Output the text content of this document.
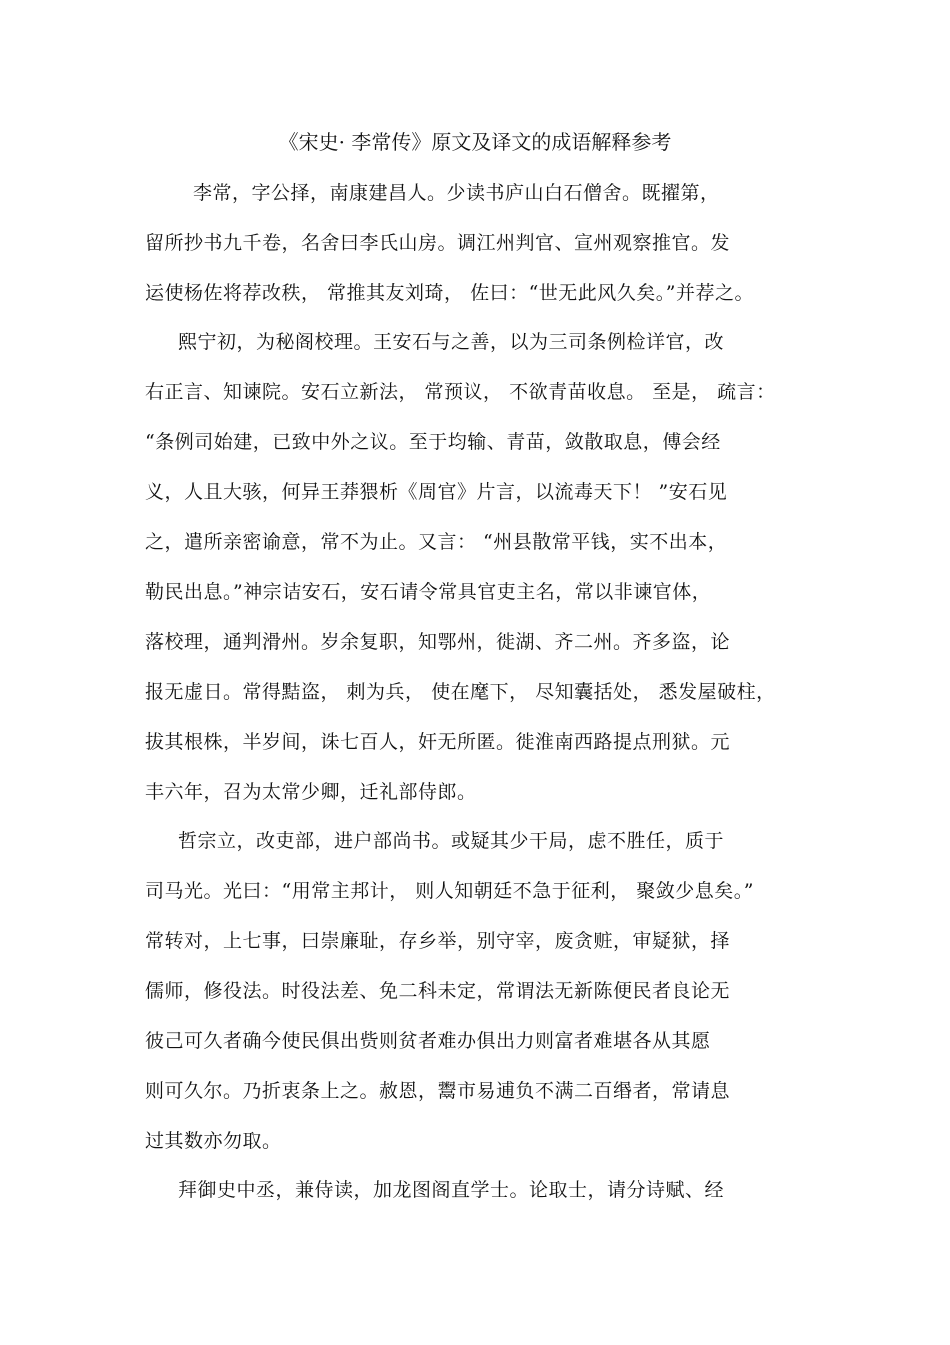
《宋史· 李常传》原文及译文的成语解释参考
李常，字公择，南康建昌人。少读书庐山白石僧舍。既擢第，
留所抄书九千卷，名舍曰李氏山房。调江州判官、宣州观察推官。发
运使杨佐将荐改秩， 常推其友刘琦， 佐曰：“世无此风久矣。”并荐之。
熙宁初，为秘阁校理。王安石与之善，以为三司条例检详官，改
右正言、知谏院。安石立新法， 常预议， 不欲青苗收息。 至是， 疏言：
“条例司始建，已致中外之议。至于均输、青苗，敛散取息，傅会经
义，人且大骇，何异王莽猥析《周官》片言，以流毒天下！ ”安石见
之，遣所亲密谕意，常不为止。又言： “州县散常平钱，实不出本，
勒民出息。”神宗诘安石，安石请令常具官吏主名，常以非谏官体，
落校理，通判滑州。岁余复职，知鄂州，徙湖、齐二州。齐多盗，论
报无虚日。常得黠盗， 刺为兵， 使在麾下， 尽知囊括处， 悉发屋破柱，
拔其根株，半岁间，诛七百人，奸无所匿。徙淮南西路提点刑狱。元
丰六年，召为太常少卿，迁礼部侍郎。
哲宗立，改吏部，进户部尚书。或疑其少干局，虑不胜任，质于
司马光。光曰：“用常主邦计， 则人知朝廷不急于征利， 聚敛少息矣。”
常转对，上七事，曰崇廉耻，存乡举，别守宰，废贪赃，审疑狱，择
儒师，修役法。时役法差、免二科未定，常谓法无新陈便民者良论无
彼己可久者确今使民俱出赀则贫者难办俱出力则富者难堪各从其愿
则可久尔。乃折衷条上之。赦恩，鬻市易逋负不满二百缗者，常请息
过其数亦勿取。
拜御史中丞，兼侍读，加龙图阁直学士。论取士，请分诗赋、经
